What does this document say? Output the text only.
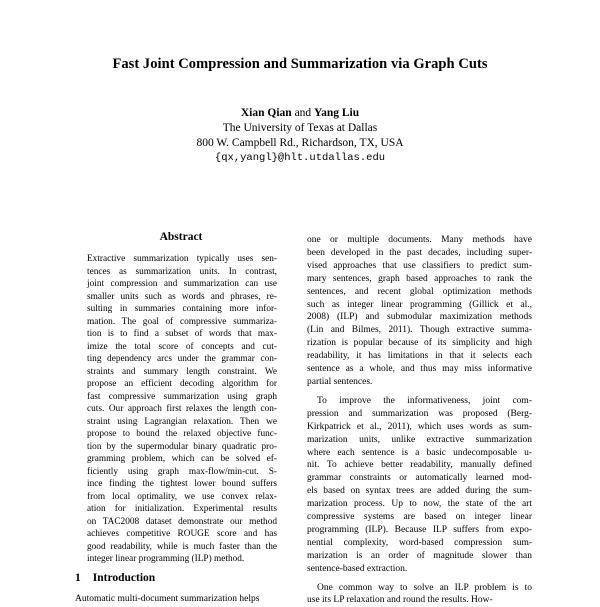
Fast Joint Compression and Summarization via Graph Cuts
Xian Qian and Yang Liu
The University of Texas at Dallas
800 W. Campbell Rd., Richardson, TX, USA
{qx,yangl}@hlt.utdallas.edu
Abstract
Extractive summarization typically uses sen-
tences as summarization units. In contrast,
joint compression and summarization can use
smaller units such as words and phrases, re-
sulting in summaries containing more infor-
mation. The goal of compressive summariza-
tion is to find a subset of words that max-
imize the total score of concepts and cut-
ting dependency arcs under the grammar con-
straints and summary length constraint. We
propose an efficient decoding algorithm for
fast compressive summarization using graph
cuts. Our approach first relaxes the length con-
straint using Lagrangian relaxation. Then we
propose to bound the relaxed objective func-
tion by the supermodular binary quadratic pro-
gramming problem, which can be solved ef-
ficiently using graph max-flow/min-cut. S-
ince finding the tightest lower bound suffers
from local optimality, we use convex relax-
ation for initialization. Experimental results
on TAC2008 dataset demonstrate our method
achieves competitive ROUGE score and has
good readability, while is much faster than the
integer linear programming (ILP) method.
1 Introduction
Automatic multi-document summarization helps
one or multiple documents. Many methods have
been developed in the past decades, including super-
vised approaches that use classifiers to predict sum-
mary sentences, graph based approaches to rank the
sentences, and recent global optimization methods
such as integer linear programming (Gillick et al.,
2008) (ILP) and submodular maximization methods
(Lin and Bilmes, 2011). Though extractive summa-
rization is popular because of its simplicity and high
readability, it has limitations in that it selects each
sentence as a whole, and thus may miss informative
partial sentences.
To improve the informativeness, joint com-
pression and summarization was proposed (Berg-
Kirkpatrick et al., 2011), which uses words as sum-
marization units, unlike extractive summarization
where each sentence is a basic undecomposable u-
nit. To achieve better readability, manually defined
grammar constraints or automatically learned mod-
els based on syntax trees are added during the sum-
marization process. Up to now, the state of the art
compressive systems are based on integer linear
programming (ILP). Because ILP suffers from expo-
nential complexity, word-based compression sum-
marization is an order of magnitude slower than
sentence-based extraction.
One common way to solve an ILP problem is to
use its LP relaxation and round the results. How-
